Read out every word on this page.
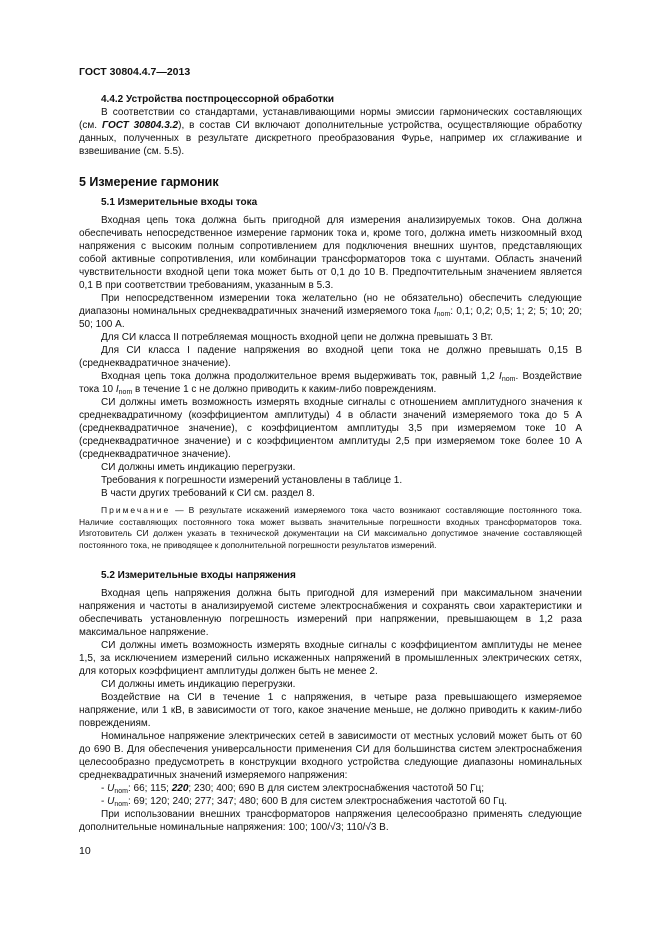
ГОСТ 30804.4.7—2013

4.4.2 Устройства постпроцессорной обработки

В соответствии со стандартами, устанавливающими нормы эмиссии гармонических составляющих (см. ГОСТ 30804.3.2), в состав СИ включают дополнительные устройства, осуществляющие обработку данных, полученных в результате дискретного преобразования Фурье, например их сглаживание и взвешивание (см. 5.5).

5 Измерение гармоник

5.1 Измерительные входы тока

Входная цепь тока должна быть пригодной для измерения анализируемых токов. Она должна обеспечивать непосредственное измерение гармоник тока и, кроме того, должна иметь низкоомный вход напряжения с высоким полным сопротивлением для подключения внешних шунтов, представляющих собой активные сопротивления, или комбинации трансформаторов тока с шунтами. Область значений чувствительности входной цепи тока может быть от 0,1 до 10 В. Предпочтительным значением является 0,1 В при соответствии требованиям, указанным в 5.3.

При непосредственном измерении тока желательно (но не обязательно) обеспечить следующие диапазоны номинальных среднеквадратичных значений измеряемого тока $I_{nom}$: 0,1; 0,2; 0,5; 1; 2; 5; 10; 20; 50; 100 А.

Для СИ класса II потребляемая мощность входной цепи не должна превышать 3 Вт.

Для СИ класса I падение напряжения во входной цепи тока не должно превышать 0,15 В (среднеквадратичное значение).

Входная цепь тока должна продолжительное время выдерживать ток, равный 1,2 $I_{nom}$. Воздействие тока 10 $I_{nom}$ в течение 1 с не должно приводить к каким-либо повреждениям.

СИ должны иметь возможность измерять входные сигналы с отношением амплитудного значения к среднеквадратичному (коэффициентом амплитуды) 4 в области значений измеряемого тока до 5 А (среднеквадратичное значение), с коэффициентом амплитуды 3,5 при измеряемом токе 10 А (среднеквадратичное значение) и с коэффициентом амплитуды 2,5 при измеряемом токе более 10 А (среднеквадратичное значение).

СИ должны иметь индикацию перегрузки.

Требования к погрешности измерений установлены в таблице 1.

В части других требований к СИ см. раздел 8.

Примечание — В результате искажений измеряемого тока часто возникают составляющие постоянного тока. Наличие составляющих постоянного тока может вызвать значительные погрешности входных трансформаторов тока. Изготовитель СИ должен указать в технической документации на СИ максимально допустимое значение составляющей постоянного тока, не приводящее к дополнительной погрешности результатов измерений.

5.2 Измерительные входы напряжения

Входная цепь напряжения должна быть пригодной для измерений при максимальном значении напряжения и частоты в анализируемой системе электроснабжения и сохранять свои характеристики и обеспечивать установленную погрешность измерений при напряжении, превышающем в 1,2 раза максимальное напряжение.

СИ должны иметь возможность измерять входные сигналы с коэффициентом амплитуды не менее 1,5, за исключением измерений сильно искаженных напряжений в промышленных электрических сетях, для которых коэффициент амплитуды должен быть не менее 2.

СИ должны иметь индикацию перегрузки.

Воздействие на СИ в течение 1 с напряжения, в четыре раза превышающего измеряемое напряжение, или 1 кВ, в зависимости от того, какое значение меньше, не должно приводить к каким-либо повреждениям.

Номинальное напряжение электрических сетей в зависимости от местных условий может быть от 60 до 690 В. Для обеспечения универсальности применения СИ для большинства систем электроснабжения целесообразно предусмотреть в конструкции входного устройства следующие диапазоны номинальных среднеквадратичных значений измеряемого напряжения:

- $U_{nom}$: 66; 115; 220; 230; 400; 690 В для систем электроснабжения частотой 50 Гц;

- $U_{nom}$: 69; 120; 240; 277; 347; 480; 600 В для систем электроснабжения частотой 60 Гц.

При использовании внешних трансформаторов напряжения целесообразно применять следующие дополнительные номинальные напряжения: 100; 100/√3; 110/√3 В.

10
